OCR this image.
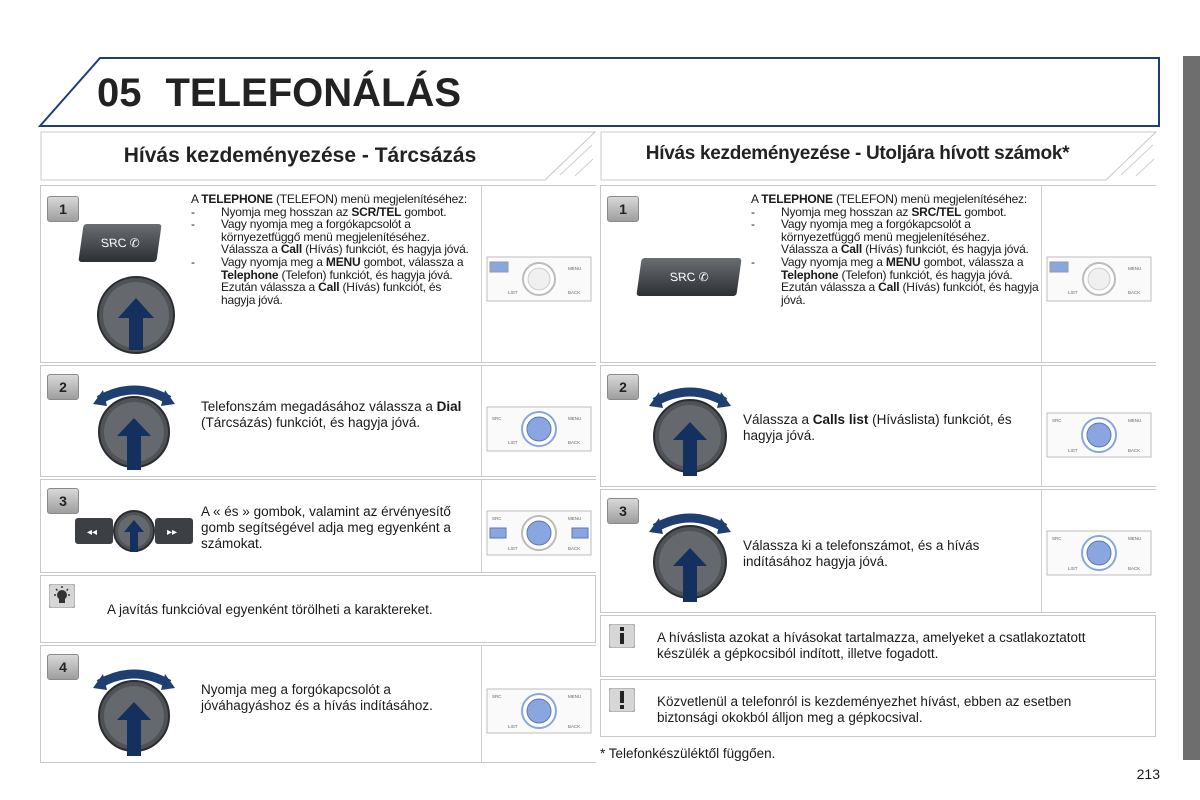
05 TELEFONÁLÁS
Hívás kezdeményezése - Tárcsázás	Hívás kezdeményezése - Utoljára hívott számok*
1
SRC ✆

A TELEPHONE (TELEFON) menü megjelenítéséhez:

- Nyomja meg hosszan az SCR/TEL gombot.

- Vagy nyomja meg a forgókapcsolót a környezetfüggő menü megjelenítéséhez. Válassza a Call (Hívás) funkciót, és hagyja jóvá.

- Vagy nyomja meg a MENU gombot, válassza a Telephone (Telefon) funkciót, és hagyja jóvá. Ezután válassza a Call (Hívás) funkciót, és hagyja jóvá.

MENU
LIST	BACK
2
Telefonszám megadásához válassza a Dial (Tárcsázás) funkciót, és hagyja jóvá.	SRC	MENU
LIST	BACK
3
◂◂	▸▸
A « és » gombok, valamint az érvényesítő gomb segítségével adja meg egyenként a számokat.
SRC	MENU
LIST	BACK
A javítás funkcióval egyenként törölheti a karaktereket.
4
Nyomja meg a forgókapcsolót a jóváhagyáshoz és a hívás indításához.
SRC	MENU
LIST	BACK
1
SRC ✆

A TELEPHONE (TELEFON) menü megjelenítéséhez:

- Nyomja meg hosszan az SRC/TEL gombot.

- Vagy nyomja meg a forgókapcsolót a környezetfüggő menü megjelenítéséhez. Válassza a Call (Hívás) funkciót, és hagyja jóvá.

- Vagy nyomja meg a MENU gombot, válassza a Telephone (Telefon) funkciót, és hagyja jóvá. Ezután válassza a Call (Hívás) funkciót, és hagyja jóvá.

MENU
LIST	BACK
2
Válassza a Calls list (Híváslista) funkciót, és hagyja jóvá.
SRC	MENU
LIST	BACK
3
Válassza ki a telefonszámot, és a hívás indításához hagyja jóvá.
SRC	MENU
LIST	BACK
A híváslista azokat a hívásokat tartalmazza, amelyeket a csatlakoztatott készülék a gépkocsiból indított, illetve fogadott.
Közvetlenül a telefonról is kezdeményezhet hívást, ebben az esetben biztonsági okokból álljon meg a gépkocsival.
* Telefonkészüléktől függően.
213
